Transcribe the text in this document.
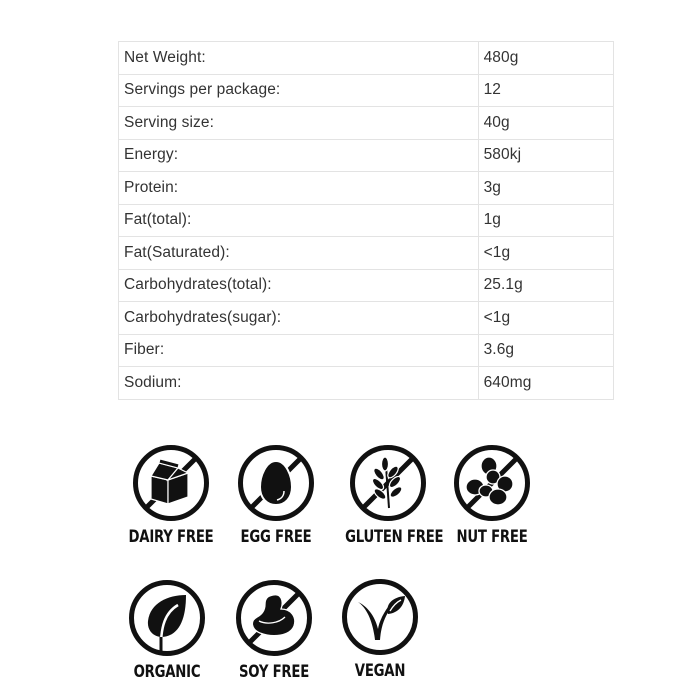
Net Weight:	480g
Servings per package:	12
Serving size:	40g
Energy:	580kj
Protein:	3g
Fat(total):	1g
Fat(Saturated):	<1g
Carbohydrates(total):	25.1g
Carbohydrates(sugar):	<1g
Fiber:	3.6g
Sodium:	640mg
DAIRY FREE	EGG FREE	GLUTEN FREE NUT FREE
ORGANIC	SOY FREE	VEGAN
